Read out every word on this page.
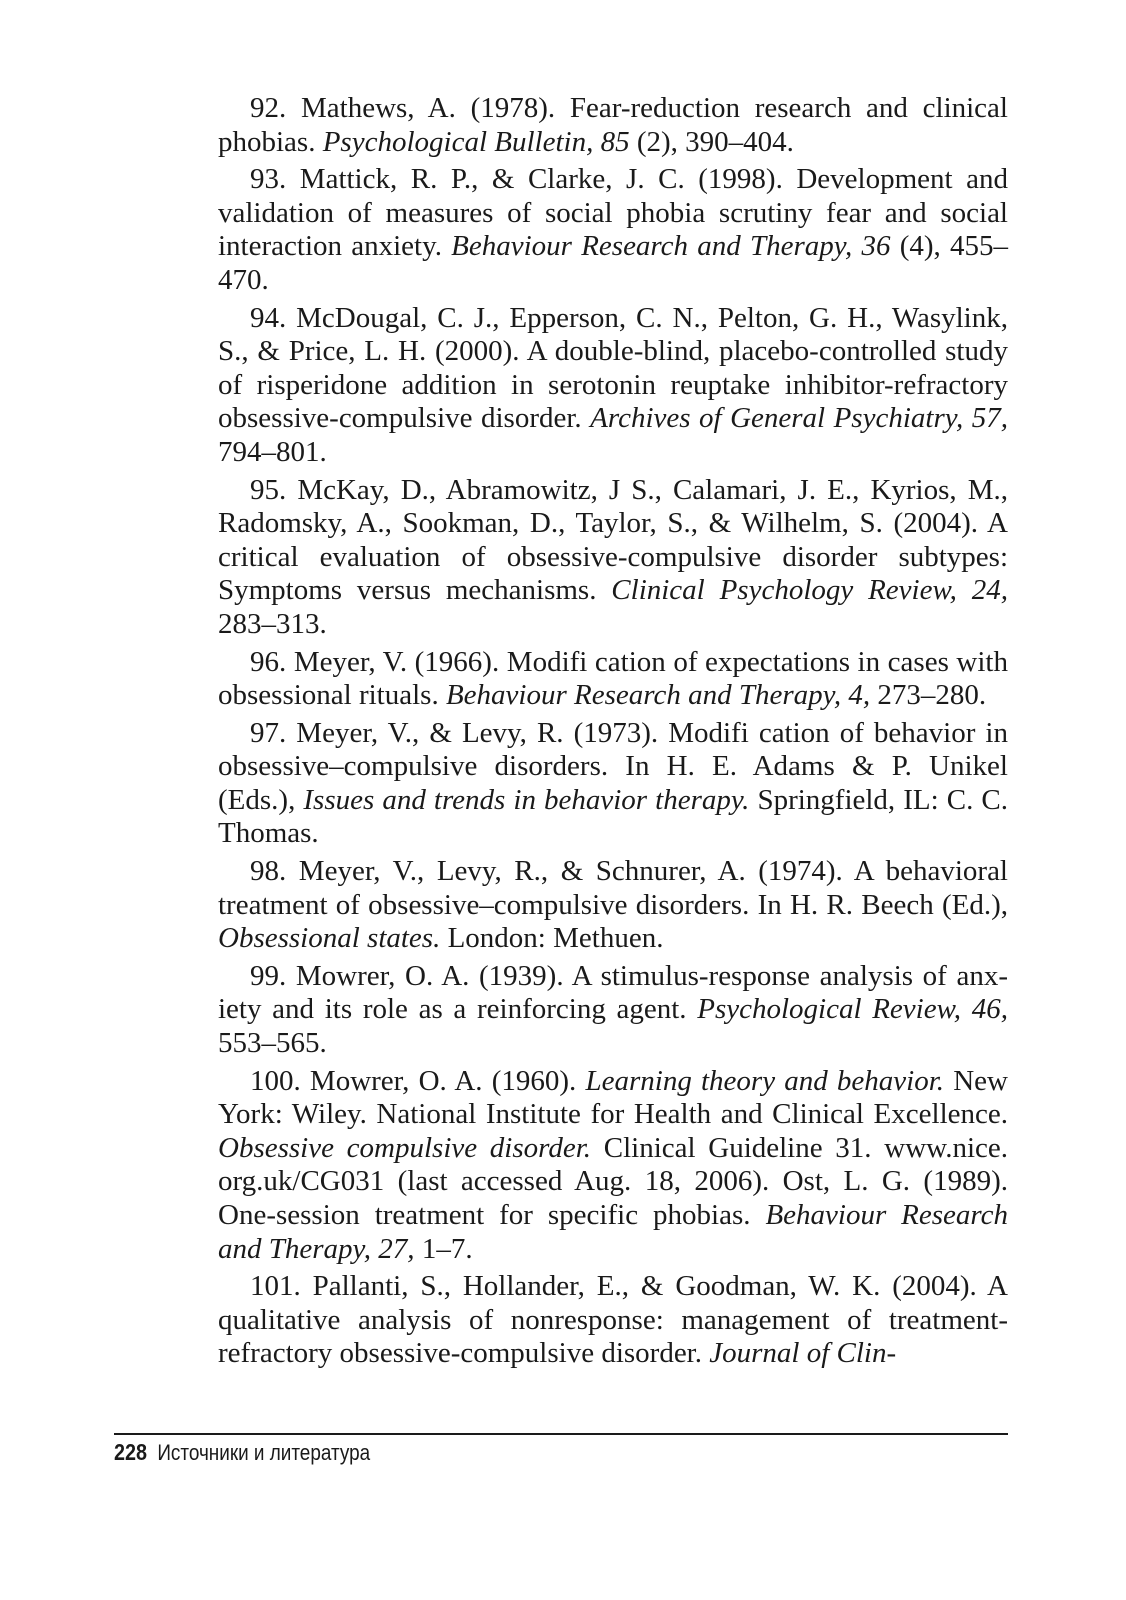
92. Mathews, A. (1978). Fear-reduction research and clinical phobias. Psychological Bulletin, 85 (2), 390–404.

93. Mattick, R. P., & Clarke, J. C. (1998). Development and validation of measures of social phobia scrutiny fear and social interaction anxiety. Behaviour Research and Therapy, 36 (4), 455–470.

94. McDougal, C. J., Epperson, C. N., Pelton, G. H., Wasylink, S., & Price, L. H. (2000). A double-blind, placebo-controlled study of risperidone addition in serotonin reuptake inhibitor-refractory obsessive-compulsive disorder. Archives of General Psychiatry, 57, 794–801.

95. McKay, D., Abramowitz, J S., Calamari, J. E., Kyrios, M., Radomsky, A., Sookman, D., Taylor, S., & Wilhelm, S. (2004). A critical evaluation of obsessive-compulsive disorder subtypes: Symptoms versus mechanisms. Clinical Psychology Review, 24, 283–313.

96. Meyer, V. (1966). Modifi cation of expectations in cases with obsessional rituals. Behaviour Research and Therapy, 4, 273–280.

97. Meyer, V., & Levy, R. (1973). Modifi cation of behavior in obsessive–compulsive disorders. In H. E. Adams & P. Unikel (Eds.), Issues and trends in behavior therapy. Springfield, IL: C. C. Thomas.

98. Meyer, V., Levy, R., & Schnurer, A. (1974). A behavioral treatment of obsessive–compulsive disorders. In H. R. Beech (Ed.), Obsessional states. London: Methuen.

99. Mowrer, O. A. (1939). A stimulus-response analysis of anxiety and its role as a reinforcing agent. Psychological Review, 46, 553–565.

100. Mowrer, O. A. (1960). Learning theory and behavior. New York: Wiley. National Institute for Health and Clinical Excellence. Obsessive compulsive disorder. Clinical Guideline 31. www.nice. org.uk/CG031 (last accessed Aug. 18, 2006). Ost, L. G. (1989). One-session treatment for specific phobias. Behaviour Research and Therapy, 27, 1–7.

101. Pallanti, S., Hollander, E., & Goodman, W. K. (2004). A qualitative analysis of nonresponse: management of treatment-refractory obsessive-compulsive disorder. Journal of Clin-

228 Источники и литература
